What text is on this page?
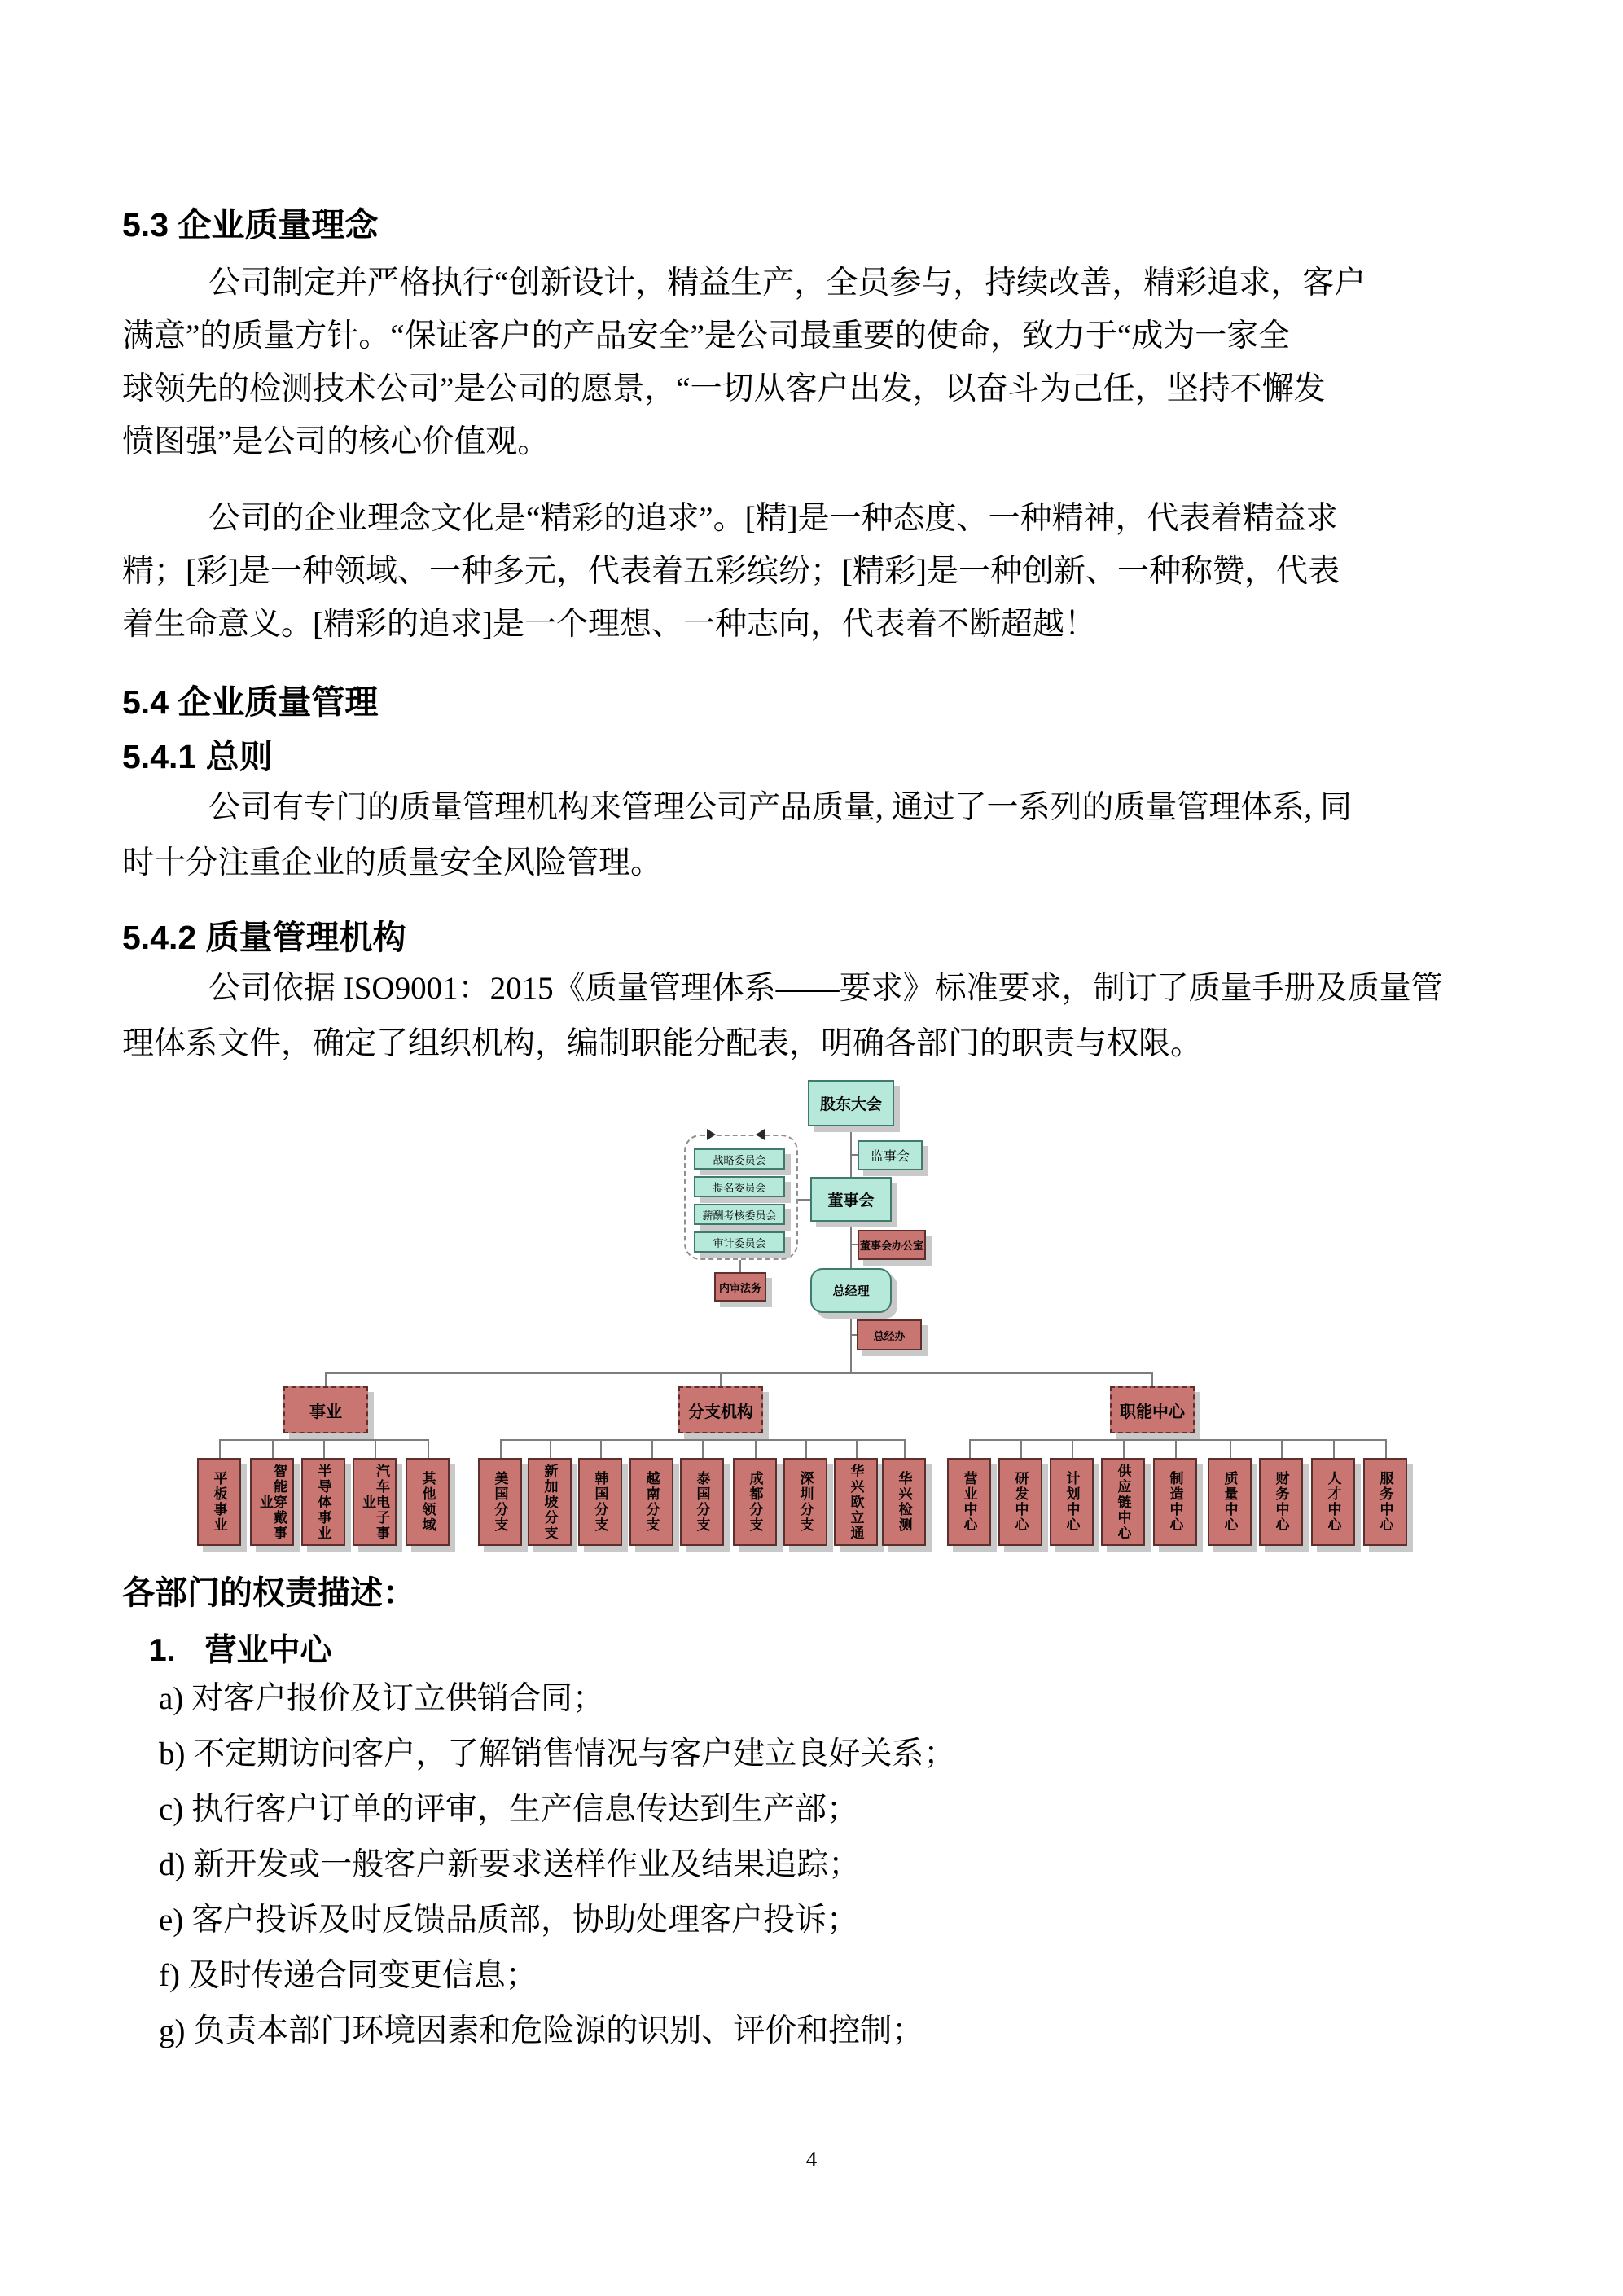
5.3 企业质量理念
公司制定并严格执行“创新设计，精益生产，全员参与，持续改善，精彩追求，客户
满意”的质量方针。“保证客户的产品安全”是公司最重要的使命，致力于“成为一家全
球领先的检测技术公司”是公司的愿景，“一切从客户出发，以奋斗为己任，坚持不懈发
愤图强”是公司的核心价值观。
公司的企业理念文化是“精彩的追求”。[精]是一种态度、一种精神，代表着精益求
精；[彩]是一种领域、一种多元，代表着五彩缤纷；[精彩]是一种创新、一种称赞，代表
着生命意义。[精彩的追求]是一个理想、一种志向，代表着不断超越！
5.4 企业质量管理
5.4.1 总则
公司有专门的质量管理机构来管理公司产品质量, 通过了一系列的质量管理体系, 同
时十分注重企业的质量安全风险管理。
5.4.2 质量管理机构
公司依据 ISO9001：2015《质量管理体系——要求》标准要求，制订了质量手册及质量管
理体系文件，确定了组织机构，编制职能分配表，明确各部门的职责与权限。
股东大会
监事会
战略委员会
提名委员会
薪酬考核委员会
审计委员会
董事会
董事会办公室
内审法务	总经理
总经办
事业	分支机构	职能中心
平板事业	智能穿戴事业	半导体事业	汽车电子事业	其他领域	美国分支 新加坡分支	韩国分支	越南分支	泰国分支	成都分支	深圳分支	华兴欧立通 华兴检测	营业中心	研发中心	计划中心	供应链中心	制造中心	质量中心	财务中心	人才中心	服务中心
各部门的权责描述：
1. 营业中心
a) 对客户报价及订立供销合同；
b) 不定期访问客户，了解销售情况与客户建立良好关系；
c) 执行客户订单的评审，生产信息传达到生产部；
d) 新开发或一般客户新要求送样作业及结果追踪；
e) 客户投诉及时反馈品质部，协助处理客户投诉；
f) 及时传递合同变更信息；
g) 负责本部门环境因素和危险源的识别、评价和控制；
4
